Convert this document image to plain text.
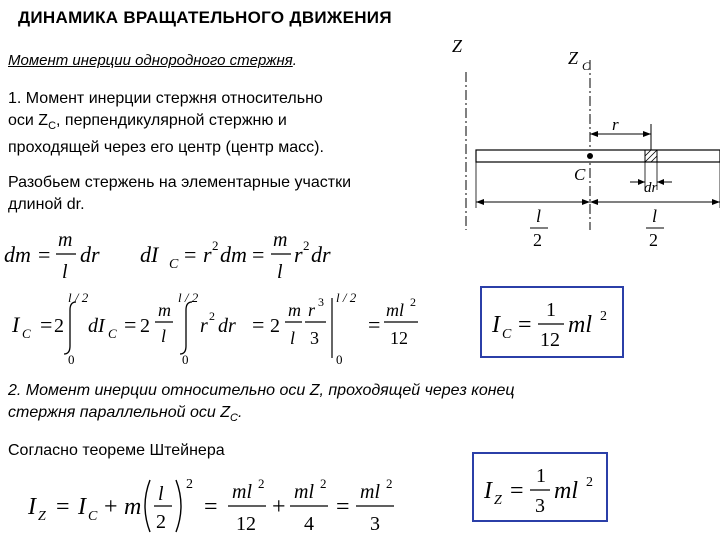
ДИНАМИКА ВРАЩАТЕЛЬНОГО ДВИЖЕНИЯ
Момент инерции однородного стержня.
1. Момент инерции стержня относительно
оси $Z_C$, перпендикулярной стержню и
проходящей через его центр (центр масс).
Разобьем стержень на элементарные участки
длиной dr.
Z
Z C
r
C
dr
l
2
l
2
dm =
m
l
dr dI C = r 2 dm =
m
l
r 2 dr
I C = 2
l / 2
0
dI C = 2
m
l
l / 2
0
r 2 dr = 2
m
l
r 3
3
l / 2
0
=
ml 2
12	I C =
1
12
ml 2
2. Момент инерции относительно оси Z, проходящей через конец
стержня параллельной оси $Z_C$.
Согласно теореме Штейнера
I Z = I C + m l
2
2
=
ml 2
12
+
ml 2
4
=
ml 2
3
I Z =
1
3
ml 2
